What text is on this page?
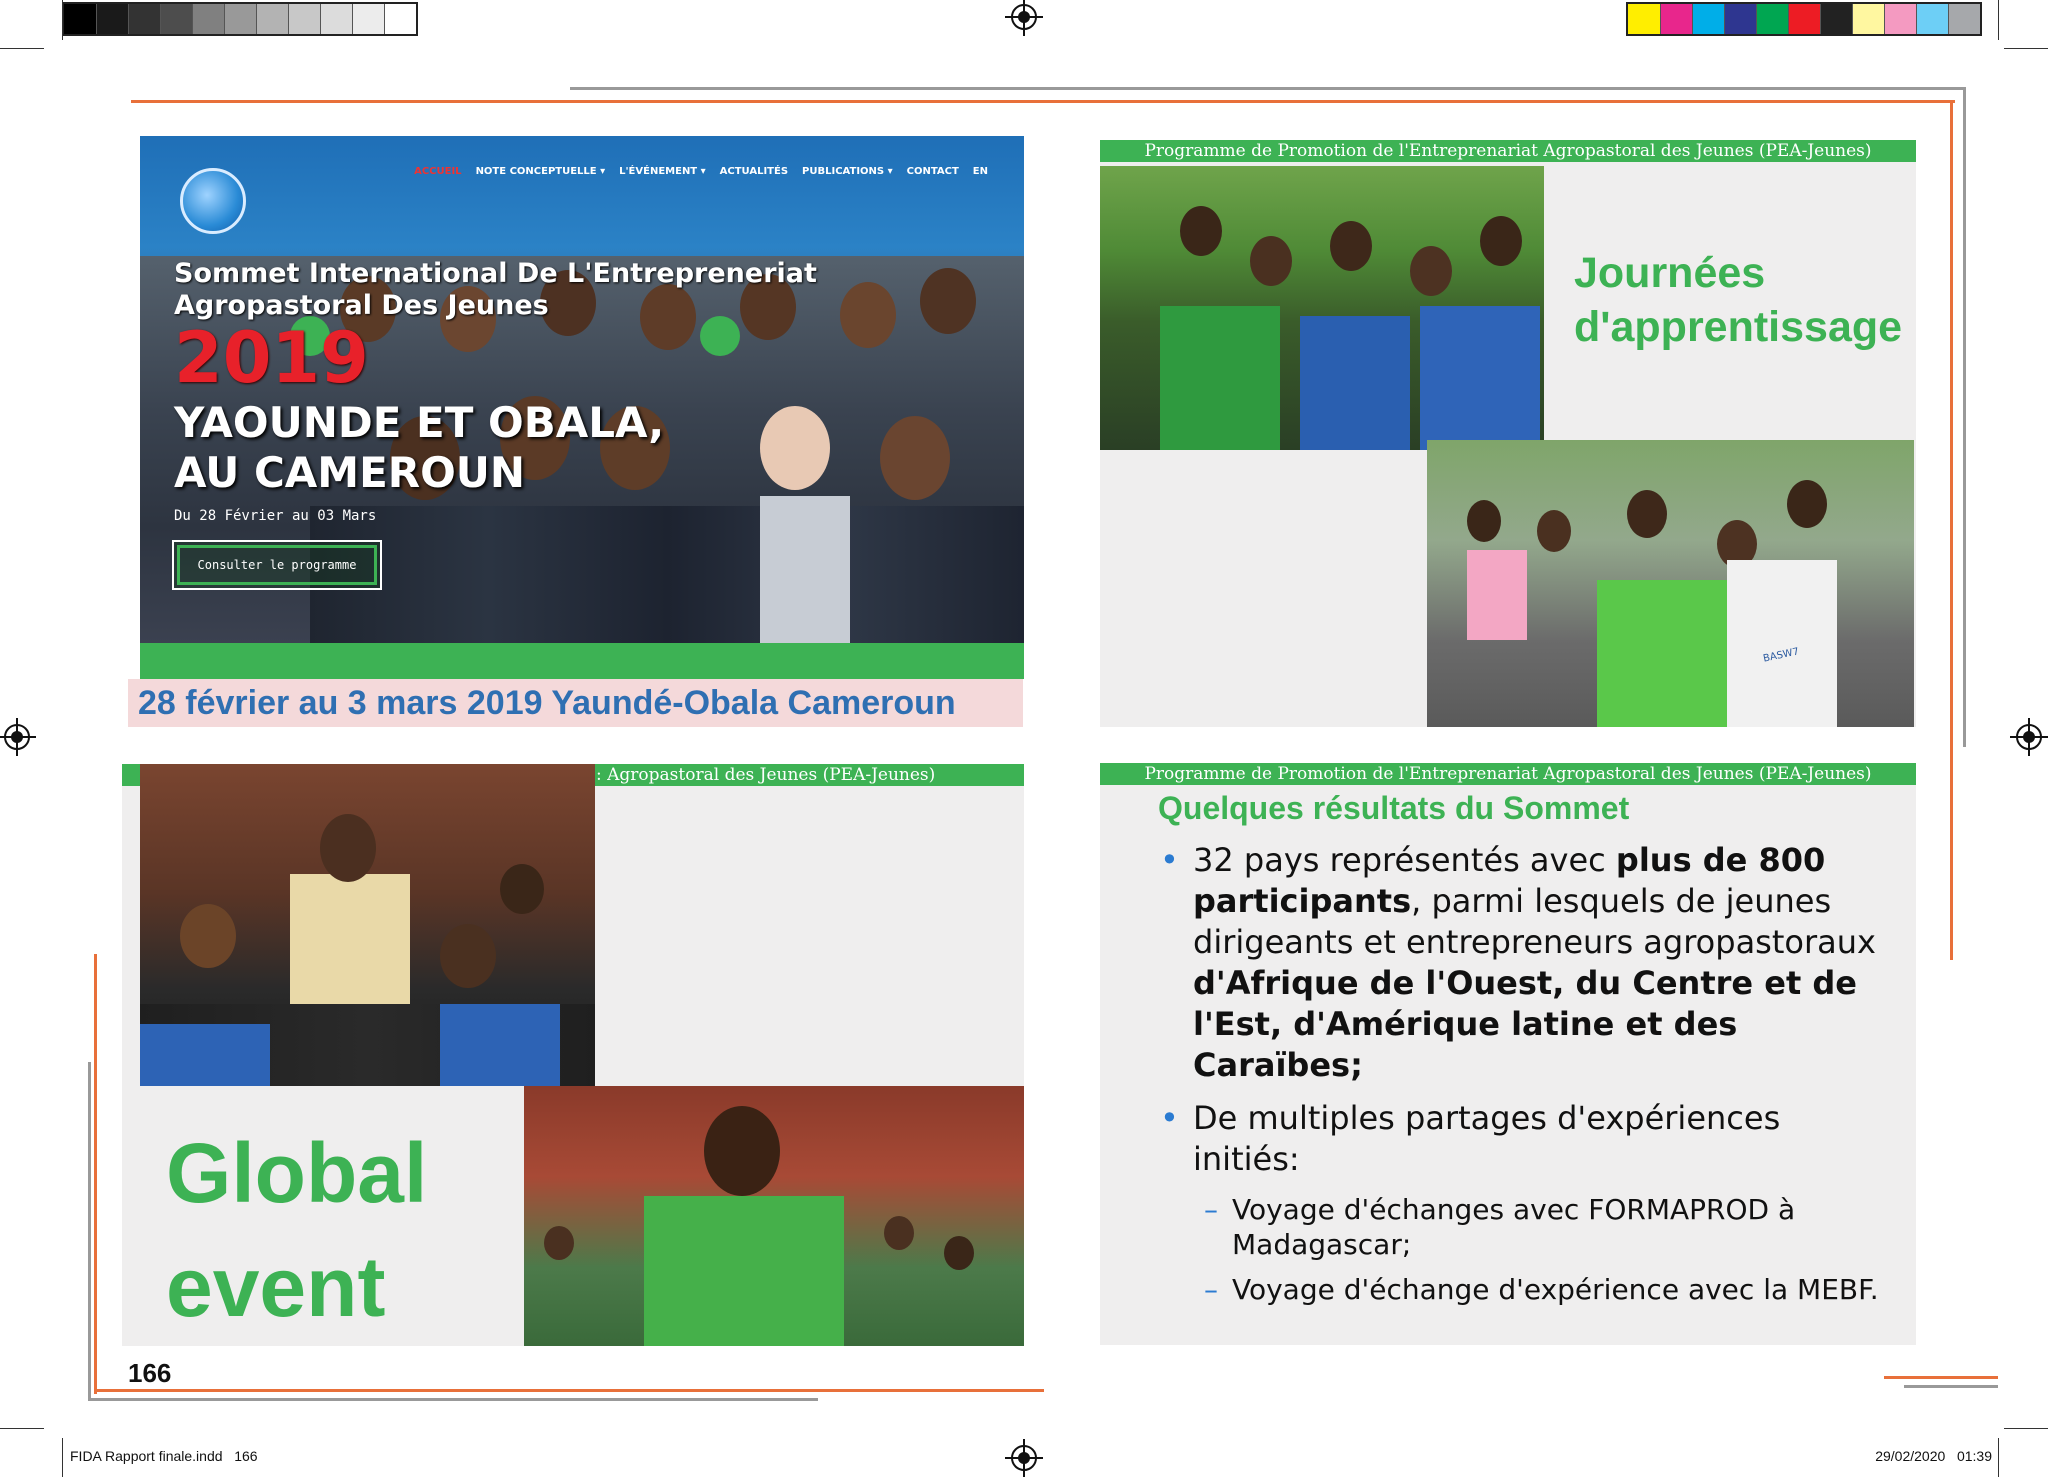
ACCUEIL NOTE CONCEPTUELLE ▾ L'ÉVÉNEMENT ▾ ACTUALITÉS PUBLICATIONS ▾ CONTACT EN
Sommet International De L'Entrepreneriat Agropastoral Des Jeunes
2019
YAOUNDE ET OBALA, AU CAMEROUN
Du 28 Février au 03 Mars
Consulter le programme
28 février au 3 mars 2019 Yaundé-Obala Cameroun
Programme de Promotion de l'Entreprenariat Agropastoral des Jeunes (PEA-Jeunes)
BASW7
Journées d'apprentissage
: Agropastoral des Jeunes (PEA-Jeunes)
Global event
Programme de Promotion de l'Entreprenariat Agropastoral des Jeunes (PEA-Jeunes)
Quelques résultats du Sommet
• 32 pays représentés avec plus de 800 participants, parmi lesquels de jeunes dirigeants et entrepreneurs agropastoraux d'Afrique de l'Ouest, du Centre et de l'Est, d'Amérique latine et des Caraïbes;
• De multiples partages d'expériences initiés:
– Voyage d'échanges avec FORMAPROD à Madagascar;
– Voyage d'échange d'expérience avec la MEBF.
166
FIDA Rapport finale.indd   166	29/02/2020   01:39
